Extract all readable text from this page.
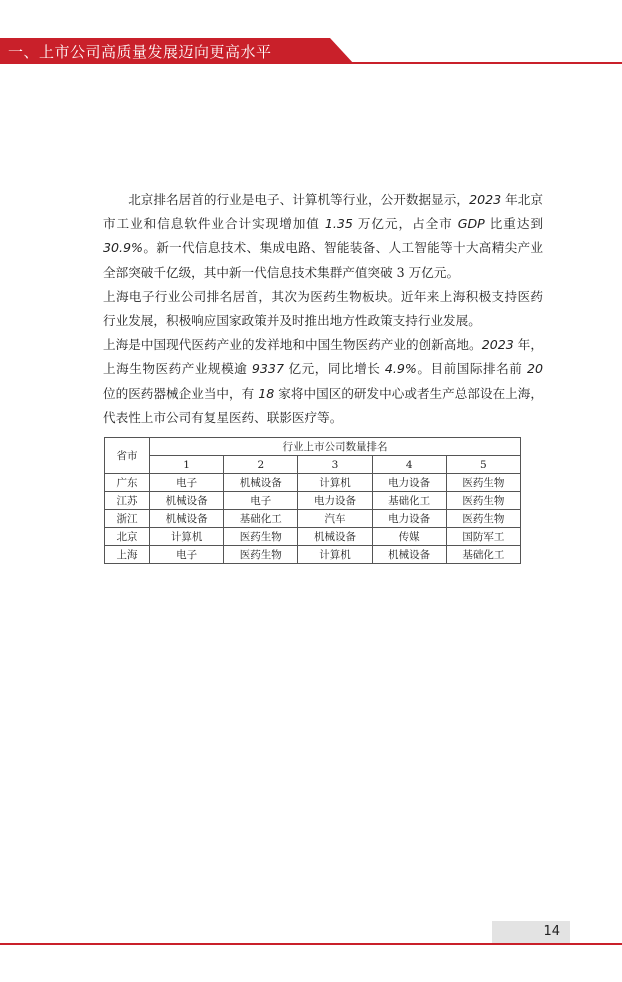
一、上市公司高质量发展迈向更高水平

北京排名居首的行业是电子、计算机等行业，公开数据显示，2023 年北京市工业和信息软件业合计实现增加值 1.35 万亿元，占全市 GDP 比重达到 30.9%。新一代信息技术、集成电路、智能装备、人工智能等十大高精尖产业全部突破千亿级，其中新一代信息技术集群产值突破 3 万亿元。

上海电子行业公司排名居首，其次为医药生物板块。近年来上海积极支持医药行业发展，积极响应国家政策并及时推出地方性政策支持行业发展。

上海是中国现代医药产业的发祥地和中国生物医药产业的创新高地。2023 年，上海生物医药产业规模逾 9337 亿元，同比增长 4.9%。目前国际排名前 20 位的医药器械企业当中，有 18 家将中国区的研发中心或者生产总部设在上海，代表性上市公司有复星医药、联影医疗等。

省市	行业上市公司数量排名				
	1	2	3	4	5
广东	电子	机械设备	计算机	电力设备	医药生物
江苏	机械设备	电子	电力设备	基础化工	医药生物
浙江	机械设备	基础化工	汽车	电力设备	医药生物
北京	计算机	医药生物	机械设备	传媒	国防军工
上海	电子	医药生物	计算机	机械设备	基础化工
14
